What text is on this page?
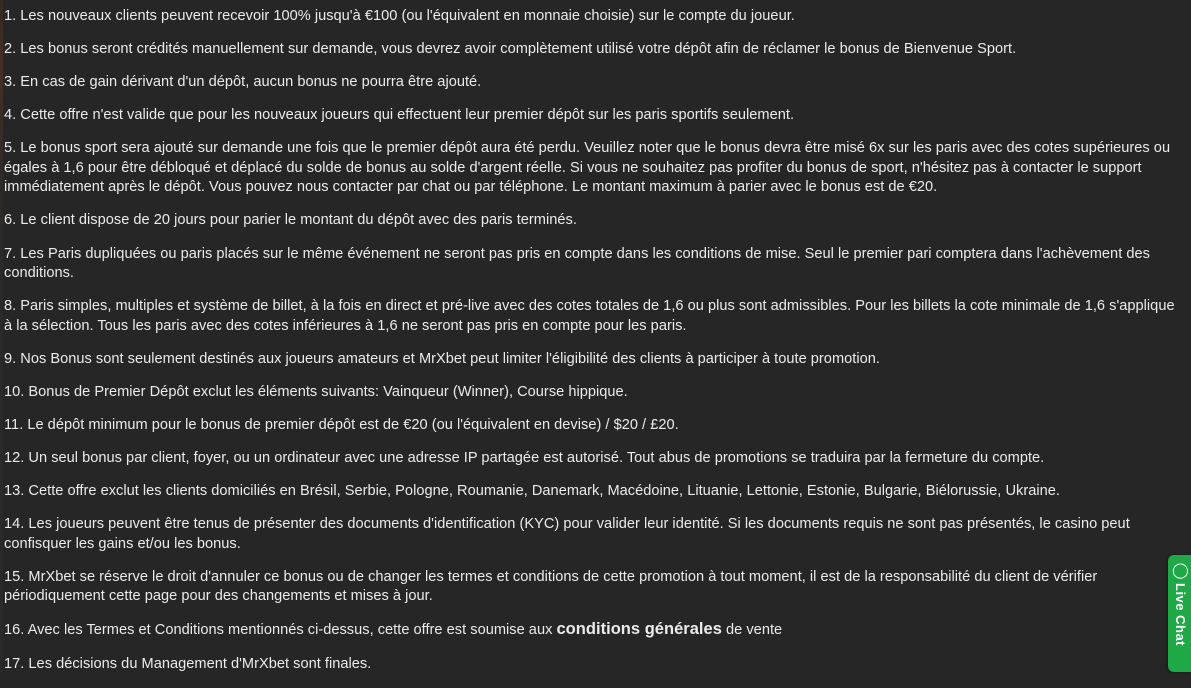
1. Les nouveaux clients peuvent recevoir 100% jusqu'à €100 (ou l'équivalent en monnaie choisie) sur le compte du joueur.

2. Les bonus seront crédités manuellement sur demande, vous devrez avoir complètement utilisé votre dépôt afin de réclamer le bonus de Bienvenue Sport.

3. En cas de gain dérivant d'un dépôt, aucun bonus ne pourra être ajouté.

4. Cette offre n'est valide que pour les nouveaux joueurs qui effectuent leur premier dépôt sur les paris sportifs seulement.

5. Le bonus sport sera ajouté sur demande une fois que le premier dépôt aura été perdu. Veuillez noter que le bonus devra être misé 6x sur les paris avec des cotes supérieures ou égales à 1,6 pour être débloqué et déplacé du solde de bonus au solde d'argent réelle. Si vous ne souhaitez pas profiter du bonus de sport, n'hésitez pas à contacter le support immédiatement après le dépôt. Vous pouvez nous contacter par chat ou par téléphone. Le montant maximum à parier avec le bonus est de €20.

6. Le client dispose de 20 jours pour parier le montant du dépôt avec des paris terminés.

7. Les Paris dupliquées ou paris placés sur le même événement ne seront pas pris en compte dans les conditions de mise. Seul le premier pari comptera dans l'achèvement des conditions.

8. Paris simples, multiples et système de billet, à la fois en direct et pré-live avec des cotes totales de 1,6 ou plus sont admissibles. Pour les billets la cote minimale de 1,6 s'applique à la sélection. Tous les paris avec des cotes inférieures à 1,6 ne seront pas pris en compte pour les paris.

9. Nos Bonus sont seulement destinés aux joueurs amateurs et MrXbet peut limiter l'éligibilité des clients à participer à toute promotion.

10. Bonus de Premier Dépôt exclut les éléments suivants: Vainqueur (Winner), Course hippique.

11. Le dépôt minimum pour le bonus de premier dépôt est de €20 (ou l'équivalent en devise) / $20 / £20.

12. Un seul bonus par client, foyer, ou un ordinateur avec une adresse IP partagée est autorisé. Tout abus de promotions se traduira par la fermeture du compte.

13. Cette offre exclut les clients domiciliés en Brésil, Serbie, Pologne, Roumanie, Danemark, Macédoine, Lituanie, Lettonie, Estonie, Bulgarie, Biélorussie, Ukraine.

14. Les joueurs peuvent être tenus de présenter des documents d'identification (KYC) pour valider leur identité. Si les documents requis ne sont pas présentés, le casino peut confisquer les gains et/ou les bonus.

15. MrXbet se réserve le droit d'annuler ce bonus ou de changer les termes et conditions de cette promotion à tout moment, il est de la responsabilité du client de vérifier périodiquement cette page pour des changements et mises à jour.

16. Avec les Termes et Conditions mentionnés ci-dessus, cette offre est soumise aux conditions générales de vente

17. Les décisions du Management d'MrXbet sont finales.

◯
Live Chat
